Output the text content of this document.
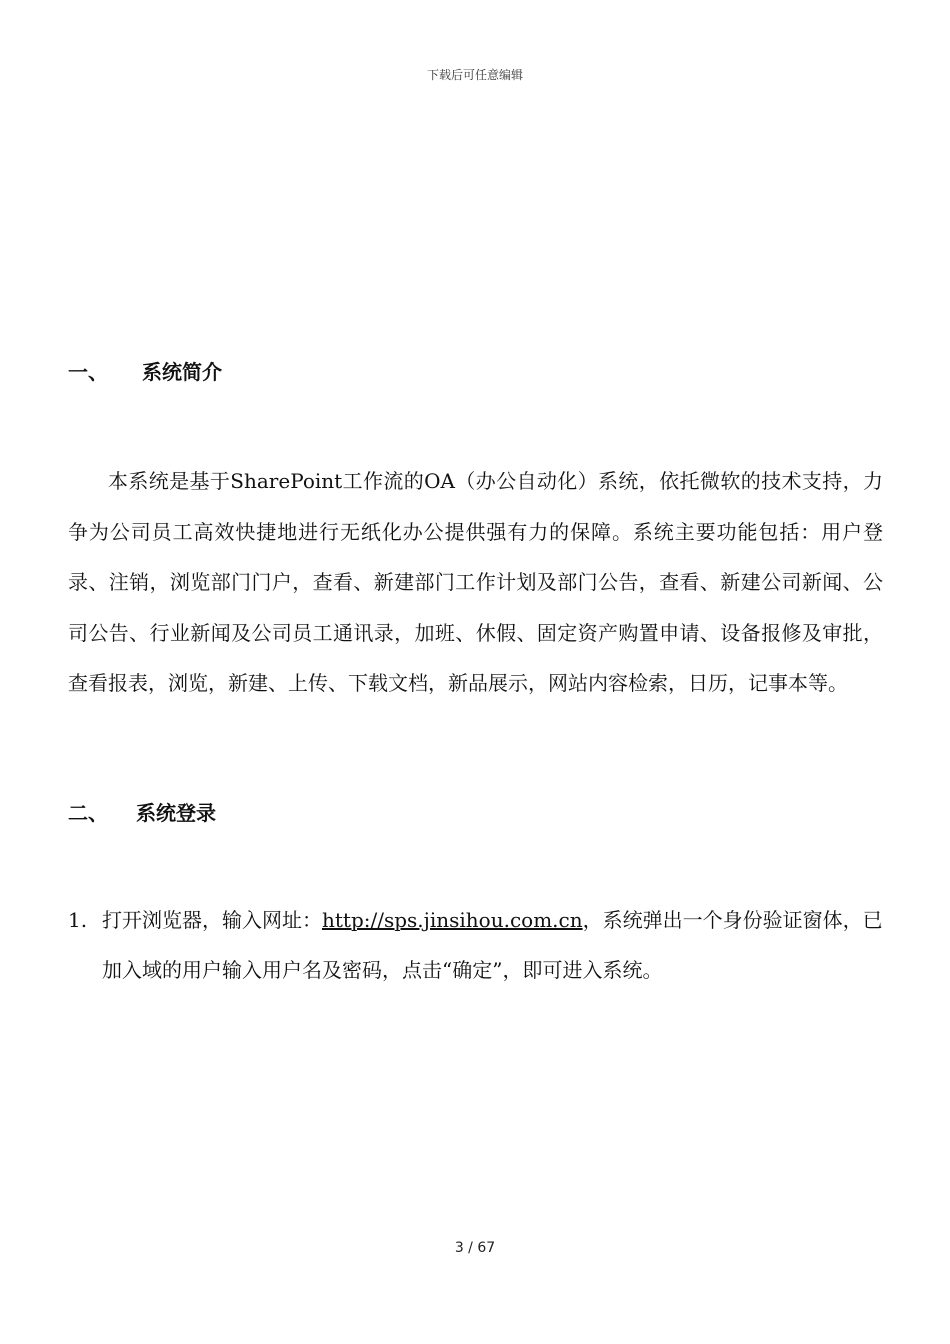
下载后可任意编辑
一、 系统简介
本系统是基于SharePoint工作流的OA（办公自动化）系统，依托微软的技术支持，力争为公司员工高效快捷地进行无纸化办公提供强有力的保障。系统主要功能包括：用户登录、注销，浏览部门门户，查看、新建部门工作计划及部门公告，查看、新建公司新闻、公司公告、行业新闻及公司员工通讯录，加班、休假、固定资产购置申请、设备报修及审批，查看报表，浏览，新建、上传、下载文档，新品展示，网站内容检索，日历，记事本等。
二、 系统登录
1. 打开浏览器，输入网址：http://sps.jinsihou.com.cn，系统弹出一个身份验证窗体，已加入域的用户输入用户名及密码，点击“确定”，即可进入系统。
3 / 67
